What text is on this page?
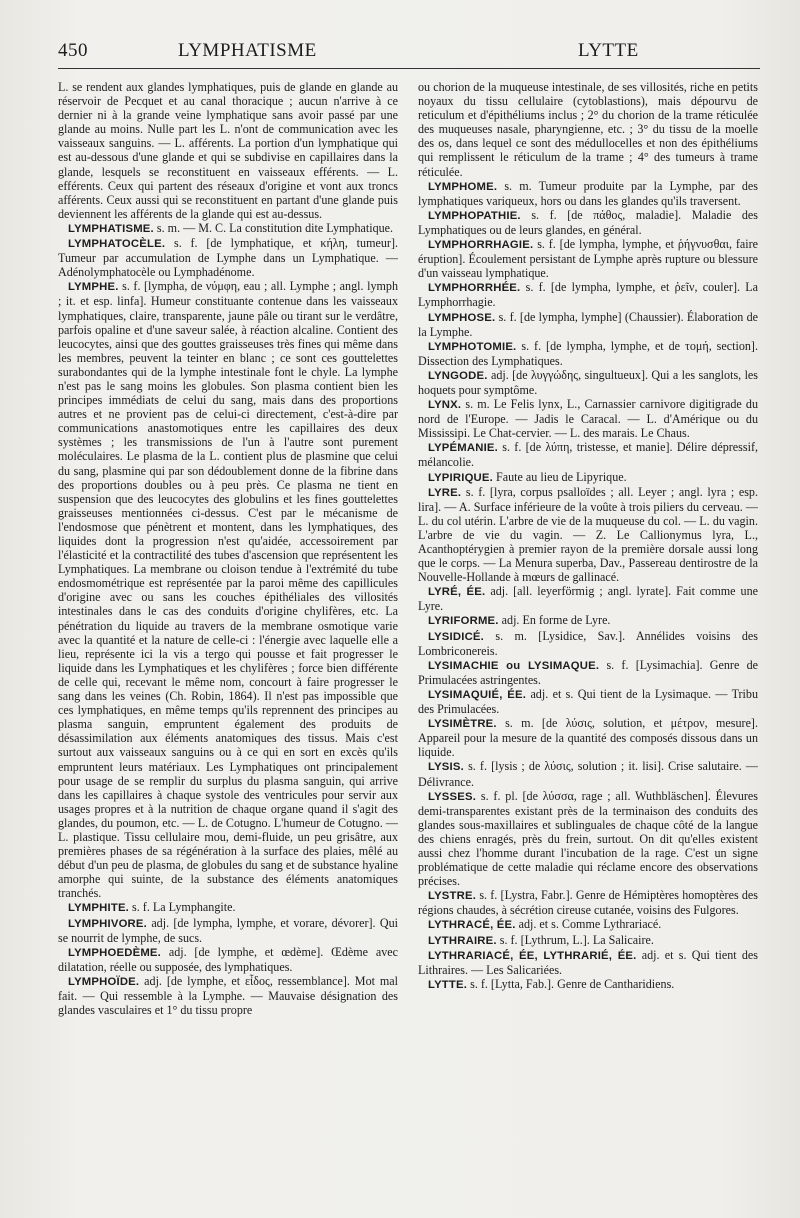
450	LYMPHATISME	LYTTE

L. se rendent aux glandes lymphatiques, puis de glande en glande au réservoir de Pecquet et au canal thoracique ; aucun n'arrive à ce dernier ni à la grande veine lymphatique sans avoir passé par une glande au moins. Nulle part les L. n'ont de communication avec les vaisseaux sanguins. — L. afférents. La portion d'un lymphatique qui est au-dessous d'une glande et qui se subdivise en capillaires dans la glande, lesquels se reconstituent en vaisseaux efférents. — L. efférents. Ceux qui partent des réseaux d'origine et vont aux troncs afférents. Ceux aussi qui se reconstituent en partant d'une glande puis deviennent les afférents de la glande qui est au-dessus.

LYMPHATISME. s. m. — M. C. La constitution dite Lymphatique.

LYMPHATOCÈLE. s. f. [de lymphatique, et κήλη, tumeur]. Tumeur par accumulation de Lymphe dans un Lymphatique. — Adénolymphatocèle ou Lymphadénome.

LYMPHE. s. f. [lympha, de νύμφη, eau ; all. Lymphe ; angl. lymph ; it. et esp. linfa]. Humeur constituante contenue dans les vaisseaux lymphatiques, claire, transparente, jaune pâle ou tirant sur le verdâtre, parfois opaline et d'une saveur salée, à réaction alcaline. Contient des leucocytes, ainsi que des gouttes graisseuses très fines qui même dans les membres, peuvent la teinter en blanc ; ce sont ces gouttelettes surabondantes qui de la lymphe intestinale font le chyle. La lymphe n'est pas le sang moins les globules. Son plasma contient bien les principes immédiats de celui du sang, mais dans des proportions autres et ne provient pas de celui-ci directement, c'est-à-dire par communications anastomotiques entre les capillaires des deux systèmes ; les transmissions de l'un à l'autre sont purement moléculaires. Le plasma de la L. contient plus de plasmine que celui du sang, plasmine qui par son dédoublement donne de la fibrine dans des proportions doubles ou à peu près. Ce plasma ne tient en suspension que des leucocytes des globulins et les fines gouttelettes graisseuses mentionnées ci-dessus. C'est par le mécanisme de l'endosmose que pénètrent et montent, dans les lymphatiques, des liquides dont la progression n'est qu'aidée, accessoirement par l'élasticité et la contractilité des tubes d'ascension que représentent les Lymphatiques. La membrane ou cloison tendue à l'extrémité du tube endosmométrique est représentée par la paroi même des capillicules d'origine avec ou sans les couches épithéliales des villosités intestinales dans le cas des conduits d'origine chylifères, etc. La pénétration du liquide au travers de la membrane osmotique varie avec la quantité et la nature de celle-ci : l'énergie avec laquelle elle a lieu, représente ici la vis a tergo qui pousse et fait progresser le liquide dans les Lymphatiques et les chylifères ; force bien différente de celle qui, recevant le même nom, concourt à faire progresser le sang dans les veines (Ch. Robin, 1864). Il n'est pas impossible que ces lymphatiques, en même temps qu'ils reprennent des principes au plasma sanguin, empruntent également des produits de désassimilation aux éléments anatomiques des tissus. Mais c'est surtout aux vaisseaux sanguins ou à ce qui en sort en excès qu'ils empruntent leurs matériaux. Les Lymphatiques ont principalement pour usage de se remplir du surplus du plasma sanguin, qui arrive dans les capillaires à chaque systole des ventricules pour servir aux usages propres et à la nutrition de chaque organe quand il s'agit des glandes, du poumon, etc. — L. de Cotugno. L'humeur de Cotugno. — L. plastique. Tissu cellulaire mou, demi-fluide, un peu grisâtre, aux premières phases de sa régénération à la surface des plaies, mêlé au début d'un peu de plasma, de globules du sang et de substance hyaline amorphe qui suinte, de la substance des éléments anatomiques tranchés.

LYMPHITE. s. f. La Lymphangite.

LYMPHIVORE. adj. [de lympha, lymphe, et vorare, dévorer]. Qui se nourrit de lymphe, de sucs.

LYMPHOEDÈME. adj. [de lymphe, et œdème]. Œdème avec dilatation, réelle ou supposée, des lymphatiques.

LYMPHOÏDE. adj. [de lymphe, et εἶδος, ressemblance]. Mot mal fait. — Qui ressemble à la Lymphe. — Mauvaise désignation des glandes vasculaires et 1° du tissu propre

ou chorion de la muqueuse intestinale, de ses villosités, riche en petits noyaux du tissu cellulaire (cytoblastions), mais dépourvu de reticulum et d'épithéliums inclus ; 2° du chorion de la trame réticulée des muqueuses nasale, pharyngienne, etc. ; 3° du tissu de la moelle des os, dans lequel ce sont des médullocelles et non des épithéliums qui remplissent le réticulum de la trame ; 4° des tumeurs à trame réticulée.

LYMPHOME. s. m. Tumeur produite par la Lymphe, par des lymphatiques variqueux, hors ou dans les glandes qu'ils traversent.

LYMPHOPATHIE. s. f. [de πάθος, maladie]. Maladie des Lymphatiques ou de leurs glandes, en général.

LYMPHORRHAGIE. s. f. [de lympha, lymphe, et ῥήγνυσθαι, faire éruption]. Écoulement persistant de Lymphe après rupture ou blessure d'un vaisseau lymphatique.

LYMPHORRHÉE. s. f. [de lympha, lymphe, et ῥεῖν, couler]. La Lymphorrhagie.

LYMPHOSE. s. f. [de lympha, lymphe] (Chaussier). Élaboration de la Lymphe.

LYMPHOTOMIE. s. f. [de lympha, lymphe, et de τομή, section]. Dissection des Lymphatiques.

LYNGODE. adj. [de λυγγώδης, singultueux]. Qui a les sanglots, les hoquets pour symptôme.

LYNX. s. m. Le Felis lynx, L., Carnassier carnivore digitigrade du nord de l'Europe. — Jadis le Caracal. — L. d'Amérique ou du Mississipi. Le Chat-cervier. — L. des marais. Le Chaus.

LYPÉMANIE. s. f. [de λύπη, tristesse, et manie]. Délire dépressif, mélancolie.

LYPIRIQUE. Faute au lieu de Lipyrique.

LYRE. s. f. [lyra, corpus psalloïdes ; all. Leyer ; angl. lyra ; esp. lira]. — A. Surface inférieure de la voûte à trois piliers du cerveau. — L. du col utérin. L'arbre de vie de la muqueuse du col. — L. du vagin. L'arbre de vie du vagin. — Z. Le Callionymus lyra, L., Acanthoptérygien à premier rayon de la première dorsale aussi long que le corps. — La Menura superba, Dav., Passereau dentirostre de la Nouvelle-Hollande à mœurs de gallinacé.

LYRÉ, ÉE. adj. [all. leyerförmig ; angl. lyrate]. Fait comme une Lyre.

LYRIFORME. adj. En forme de Lyre.

LYSIDICÉ. s. m. [Lysidice, Sav.]. Annélides voisins des Lombriconereis.

LYSIMACHIE ou LYSIMAQUE. s. f. [Lysimachia]. Genre de Primulacées astringentes.

LYSIMAQUIÉ, ÉE. adj. et s. Qui tient de la Lysimaque. — Tribu des Primulacées.

LYSIMÈTRE. s. m. [de λύσις, solution, et μέτρον, mesure]. Appareil pour la mesure de la quantité des composés dissous dans un liquide.

LYSIS. s. f. [lysis ; de λύσις, solution ; it. lisi]. Crise salutaire. — Délivrance.

LYSSES. s. f. pl. [de λύσσα, rage ; all. Wuthbläschen]. Élevures demi-transparentes existant près de la terminaison des conduits des glandes sous-maxillaires et sublinguales de chaque côté de la langue des chiens enragés, près du frein, surtout. On dit qu'elles existent aussi chez l'homme durant l'incubation de la rage. C'est un signe problématique de cette maladie qui réclame encore des observations précises.

LYSTRE. s. f. [Lystra, Fabr.]. Genre de Hémiptères homoptères des régions chaudes, à sécrétion cireuse cutanée, voisins des Fulgores.

LYTHRACÉ, ÉE. adj. et s. Comme Lythrariacé.

LYTHRAIRE. s. f. [Lythrum, L.]. La Salicaire.

LYTHRARIACÉ, ÉE, LYTHRARIÉ, ÉE. adj. et s. Qui tient des Lithraires. — Les Salicariées.

LYTTE. s. f. [Lytta, Fab.]. Genre de Cantharidiens.
